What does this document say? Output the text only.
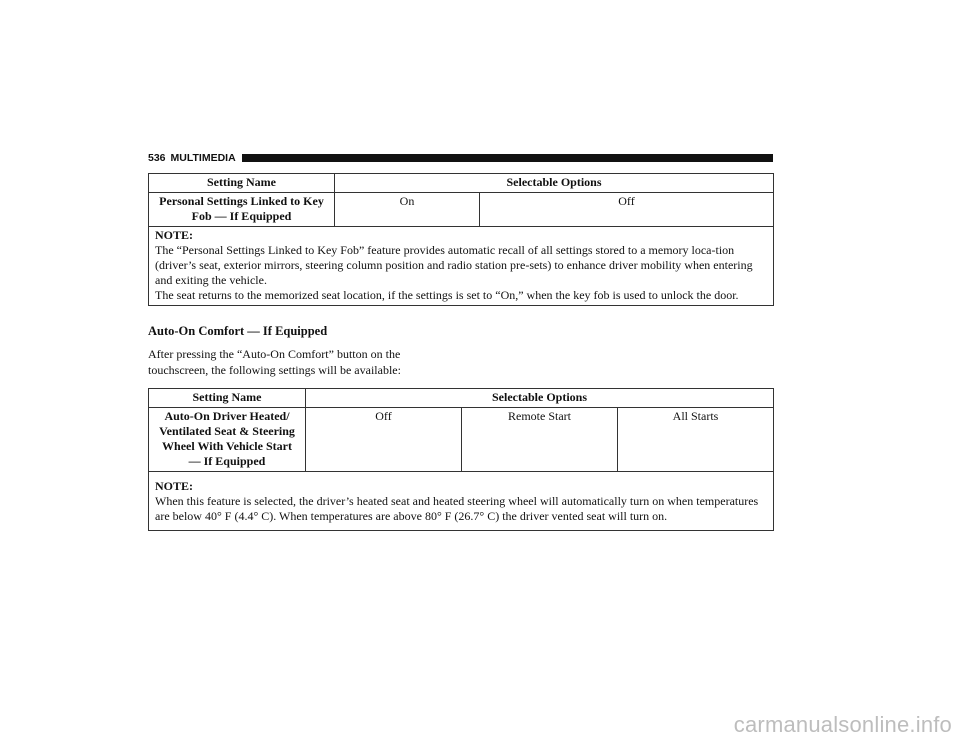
536 MULTIMEDIA
Setting Name	Selectable Options	
Personal Settings Linked to Key Fob — If Equipped	On	Off

NOTE:
The “Personal Settings Linked to Key Fob” feature provides automatic recall of all settings stored to a memory loca-tion (driver’s seat, exterior mirrors, steering column position and radio station pre-sets) to enhance driver mobility when entering and exiting the vehicle.
The seat returns to the memorized seat location, if the settings is set to “On,” when the key fob is used to unlock the door.		
Auto-On Comfort — If Equipped
After pressing the “Auto-On Comfort” button on the
touchscreen, the following settings will be available:
Setting Name	Selectable Options		
Auto-On Driver Heated/ Ventilated Seat & Steering Wheel With Vehicle Start — If Equipped	Off	Remote Start	All Starts

NOTE:
When this feature is selected, the driver’s heated seat and heated steering wheel will automatically turn on when temperatures are below 40° F (4.4° C). When temperatures are above 80° F (26.7° C) the driver vented seat will turn on.			
carmanualsonline.info
